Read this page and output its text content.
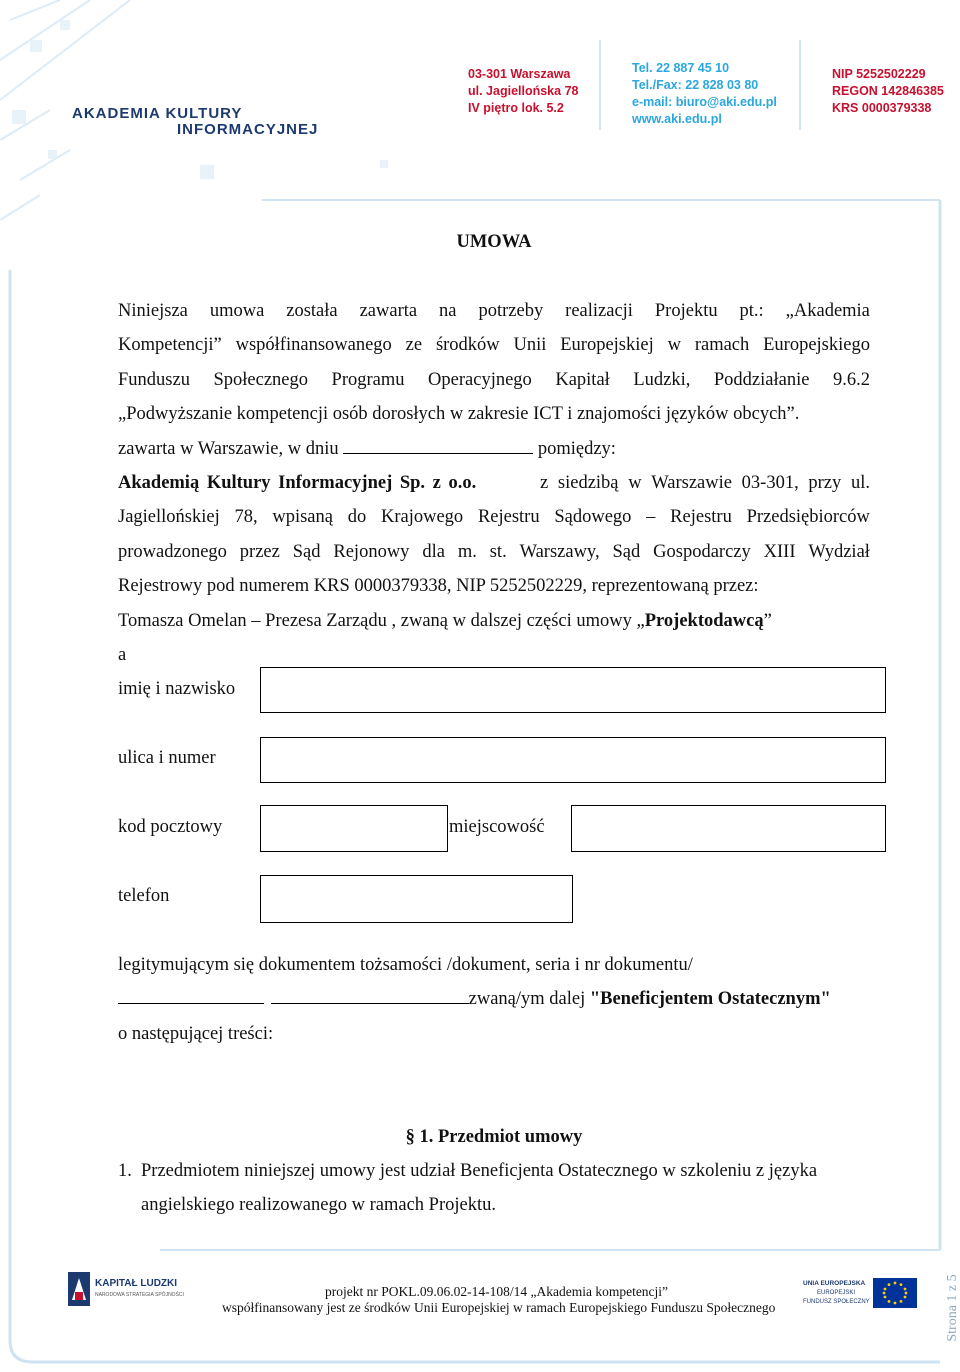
AKADEMIA KULTURY
INFORMACYJNEJ
03-301 Warszawa
ul. Jagiellońska 78
IV piętro lok. 5.2
Tel. 22 887 45 10
Tel./Fax: 22 828 03 80
e-mail: biuro@aki.edu.pl
www.aki.edu.pl
NIP 5252502229
REGON 142846385
KRS 0000379338
UMOWA
Niniejsza umowa została zawarta na potrzeby realizacji Projektu pt.: „Akademia
Kompetencji” współfinansowanego ze środków Unii Europejskiej w ramach Europejskiego
Funduszu Społecznego Programu Operacyjnego Kapitał Ludzki, Poddziałanie 9.6.2
„Podwyższanie kompetencji osób dorosłych w zakresie ICT i znajomości języków obcych”.
zawarta w Warszawie, w dniu	pomiędzy:
Akademią Kultury Informacyjnej Sp. z o.o.	z siedzibą w Warszawie 03-301, przy ul.
Jagiellońskiej 78, wpisaną do Krajowego Rejestru Sądowego – Rejestru Przedsiębiorców
prowadzonego przez Sąd Rejonowy dla m. st. Warszawy, Sąd Gospodarczy XIII Wydział
Rejestrowy pod numerem KRS 0000379338, NIP 5252502229, reprezentowaną przez:
Tomasza Omelan – Prezesa Zarządu , zwaną w dalszej części umowy „Projektodawcą”
a
imię i nazwisko
ulica i numer
kod pocztowy	miejscowość
telefon
legitymującym się dokumentem tożsamości /dokument, seria i nr dokumentu/
zwaną/ym dalej "Beneficjentem Ostatecznym"
o następującej treści:
§ 1. Przedmiot umowy
1. Przedmiotem niniejszej umowy jest udział Beneficjenta Ostatecznego w szkoleniu z języka
angielskiego realizowanego w ramach Projektu.
KAPITAŁ LUDZKI
NARODOWA STRATEGIA SPÓJNOŚCI	projekt nr POKL.09.06.02-14-108/14 „Akademia kompetencji”
współfinansowany jest ze środków Unii Europejskiej w ramach Europejskiego Funduszu Społecznego
UNIA EUROPEJSKA
EUROPEJSKI
FUNDUSZ SPOŁECZNY	Strona 1 z 5
